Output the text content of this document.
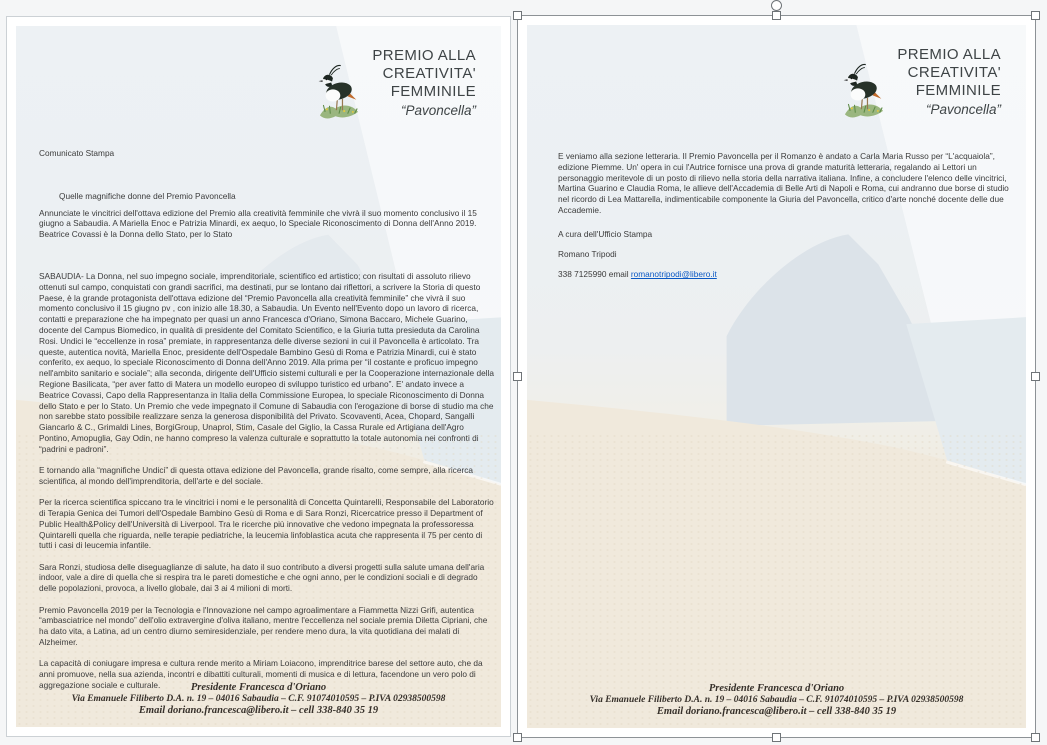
PREMIO ALLA
CREATIVITA'
FEMMINILE
“Pavoncella”
Comunicato Stampa
Quelle magnifiche donne del Premio Pavoncella
Annunciate le vincitrici dell'ottava edizione del Premio alla creatività femminile che vivrà il suo momento conclusivo il 15 giugno a Sabaudia. A Mariella Enoc e Patrizia Minardi, ex aequo, lo Speciale Riconoscimento di Donna dell'Anno 2019. Beatrice Covassi è la Donna dello Stato, per lo Stato
SABAUDIA- La Donna, nel suo impegno sociale, imprenditoriale, scientifico ed artistico; con risultati di assoluto rilievo ottenuti sul campo, conquistati con grandi sacrifici, ma destinati, pur se lontano dai riflettori, a scrivere la Storia di questo Paese, è la grande protagonista dell'ottava edizione del “Premio Pavoncella alla creatività femminile” che vivrà il suo momento conclusivo il 15 giugno pv , con inizio alle 18.30, a Sabaudia. Un Evento nell'Evento dopo un lavoro di ricerca, contatti e preparazione che ha impegnato per quasi un anno Francesca d'Oriano, Simona Baccaro, Michele Guarino, docente del Campus Biomedico, in qualità di presidente del Comitato Scientifico, e la Giuria tutta presieduta da Carolina Rosi. Undici le “eccellenze in rosa” premiate, in rappresentanza delle diverse sezioni in cui il Pavoncella è articolato. Tra queste, autentica novità, Mariella Enoc, presidente dell'Ospedale Bambino Gesù di Roma e Patrizia Minardi, cui è stato conferito, ex aequo, lo speciale Riconoscimento di Donna dell'Anno 2019. Alla prima per “il costante e proficuo impegno nell'ambito sanitario e sociale”; alla seconda, dirigente dell'Ufficio sistemi culturali e per la Cooperazione internazionale della Regione Basilicata, “per aver fatto di Matera un modello europeo di sviluppo turistico ed urbano”. E' andato invece a Beatrice Covassi, Capo della Rappresentanza in Italia della Commissione Europea, lo speciale Riconoscimento di Donna dello Stato e per lo Stato. Un Premio che vede impegnato il Comune di Sabaudia con l'erogazione di borse di studio ma che non sarebbe stato possibile realizzare senza la generosa disponibilità del Privato. Scovaventi, Acea, Chopard, Sangalli Giancarlo & C., Grimaldi Lines, BorgiGroup, Unaprol, Stim, Casale del Giglio, la Cassa Rurale ed Artigiana dell'Agro Pontino, Amopuglia, Gay Odin, ne hanno compreso la valenza culturale e soprattutto la totale autonomia nei confronti di “padrini e padroni”.
E tornando alla “magnifiche Undici” di questa ottava edizione del Pavoncella, grande risalto, come sempre, alla ricerca scientifica, al mondo dell'imprenditoria, dell'arte e del sociale.
Per la ricerca scientifica spiccano tra le vincitrici i nomi e le personalità di Concetta Quintarelli, Responsabile del Laboratorio di Terapia Genica dei Tumori dell'Ospedale Bambino Gesù di Roma e di Sara Ronzi, Ricercatrice presso il Department of Public Health&Policy dell'Università di Liverpool. Tra le ricerche più innovative che vedono impegnata la professoressa Quintarelli quella che riguarda, nelle terapie pediatriche, la leucemia linfoblastica acuta che rappresenta il 75 per cento di tutti i casi di leucemia infantile.
Sara Ronzi, studiosa delle diseguaglianze di salute, ha dato il suo contributo a diversi progetti sulla salute umana dell'aria indoor, vale a dire di quella che si respira tra le pareti domestiche e che ogni anno, per le condizioni sociali e di degrado delle popolazioni, provoca, a livello globale, dai 3 ai 4 milioni di morti.
Premio Pavoncella 2019 per la Tecnologia e l'Innovazione nel campo agroalimentare a Fiammetta Nizzi Grifi, autentica “ambasciatrice nel mondo” dell'olio extravergine d'oliva italiano, mentre l'eccellenza nel sociale premia Diletta Cipriani, che ha dato vita, a Latina, ad un centro diurno semiresidenziale, per rendere meno dura, la vita quotidiana dei malati di Alzheimer.
La capacità di coniugare impresa e cultura rende merito a Miriam Loiacono, imprenditrice barese del settore auto, che da anni promuove, nella sua azienda, incontri e dibattiti culturali, momenti di musica e di lettura, facendone un vero polo di aggregazione sociale e culturale.	Presidente Francesca d'Oriano
Via Emanuele Filiberto D.A. n. 19 – 04016 Sabaudia – C.F. 91074010595 – P.IVA 02938500598
Email doriano.francesca@libero.it – cell 338-840 35 19
PREMIO ALLA
CREATIVITA'
FEMMINILE
“Pavoncella”
E veniamo alla sezione letteraria. Il Premio Pavoncella per il Romanzo è andato a Carla Maria Russo per “L'acquaiola”, edizione Piemme. Un' opera in cui l'Autrice fornisce una prova di grande maturità letteraria, regalando ai Lettori un personaggio meritevole di un posto di rilievo nella storia della narrativa italiana. Infine, a concludere l'elenco delle vincitrici, Martina Guarino e Claudia Roma, le allieve dell'Accademia di Belle Arti di Napoli e Roma, cui andranno due borse di studio nel ricordo di Lea Mattarella, indimenticabile componente la Giuria del Pavoncella, critico d'arte nonché docente delle due Accademie.
A cura dell'Ufficio Stampa
Romano Tripodi
338 7125990 email romanotripodi@libero.it
Presidente Francesca d'Oriano
Via Emanuele Filiberto D.A. n. 19 – 04016 Sabaudia – C.F. 91074010595 – P.IVA 02938500598
Email doriano.francesca@libero.it – cell 338-840 35 19
